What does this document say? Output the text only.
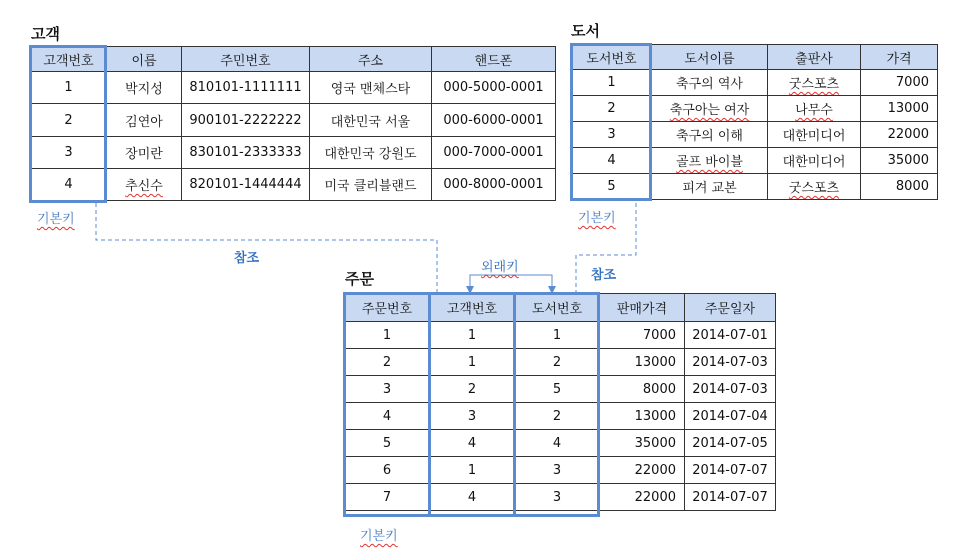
고객
고객번호	이름	주민번호	주소	핸드폰
1	박지성	810101-1111111	영국 맨체스타	000-5000-0001
2	김연아	900101-2222222	대한민국 서울	000-6000-0001
3	장미란	830101-2333333	대한민국 강원도	000-7000-0001
4	추신수	820101-1444444	미국 클리블랜드	000-8000-0001
기본키
도서
도서번호	도서이름	출판사	가격
1	축구의 역사	굿스포츠	7000
2	축구아는 여자	나무수	13000
3	축구의 이해	대한미디어	22000
4	골프 바이블	대한미디어	35000
5	피겨 교본	굿스포츠	8000
기본키
참조
참조
외래키
주문
주문번호	고객번호	도서번호	판매가격	주문일자
1	1	1	7000	2014-07-01
2	1	2	13000	2014-07-03
3	2	5	8000	2014-07-03
4	3	2	13000	2014-07-04
5	4	4	35000	2014-07-05
6	1	3	22000	2014-07-07
7	4	3	22000	2014-07-07
기본키
